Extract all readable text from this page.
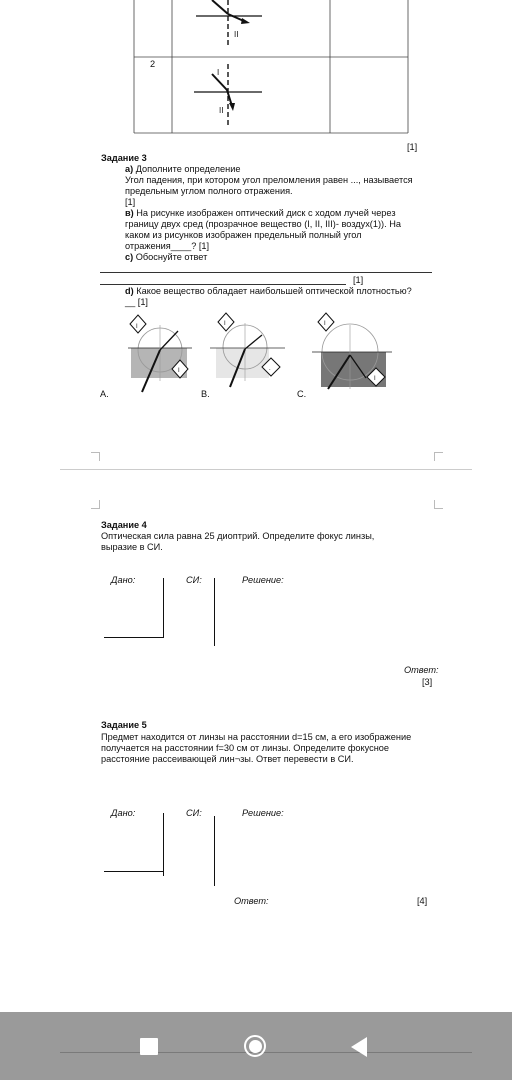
2
II
I
II
[1]
Задание 3
а) Дополните определение
Угол падения, при котором угол преломления равен ..., называется
предельным углом полного отражения.
[1]
в) На рисунке изображен оптический диск с ходом лучей через
границу двух сред (прозрачное вещество (I, II, III)- воздух(1)). На
каком из рисунков изображен предельный полный угол
отражения____? [1]
с) Обоснуйте ответ
[1]
d) Какое вещество обладает наибольшей оптической плотностью?
__ [1]
I
I
I
.
I
I
A.	B.	C.
Задание 4
Оптическая сила равна 25 диоптрий. Определите фокус линзы,
выразие в СИ.
Дано:	СИ:	Решение:
Ответ:
[3]
Задание 5
Предмет находится от линзы на расстоянии d=15 см, а его изображение
получается на расстоянии f=30 см от линзы. Определите фокусное
расстояние рассеивающей лин¬зы. Ответ перевести в СИ.
Дано:	СИ:	Решение:
Ответ:	[4]
